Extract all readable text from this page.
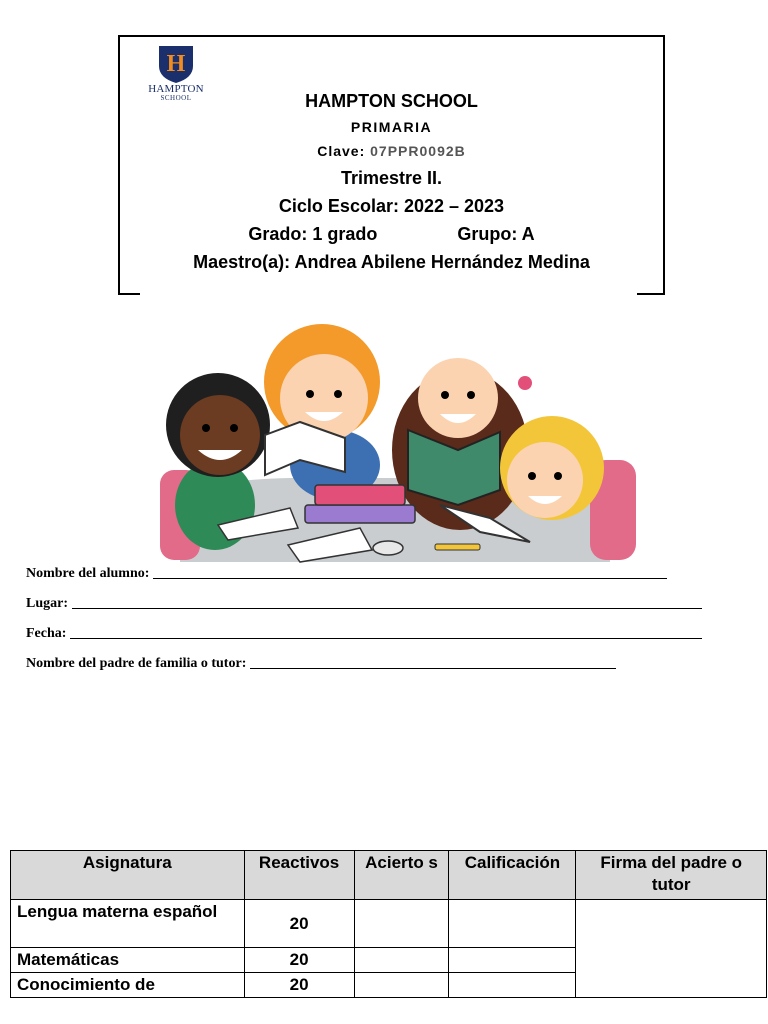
H
HAMPTON
SCHOOL	HAMPTON SCHOOL
PRIMARIA
Clave: 07PPR0092B
Trimestre II.
Ciclo Escolar: 2022 – 2023
Grado: 1 grado	Grupo: A
Maestro(a): Andrea Abilene Hernández Medina
Nombre del alumno:
Lugar:
Fecha:
Nombre del padre de familia o tutor:
Asignatura	Reactivos	Acierto s	Calificación	Firma del padre o tutor
Lengua materna español	20			
Matemáticas	20			
Conocimiento de	20			
